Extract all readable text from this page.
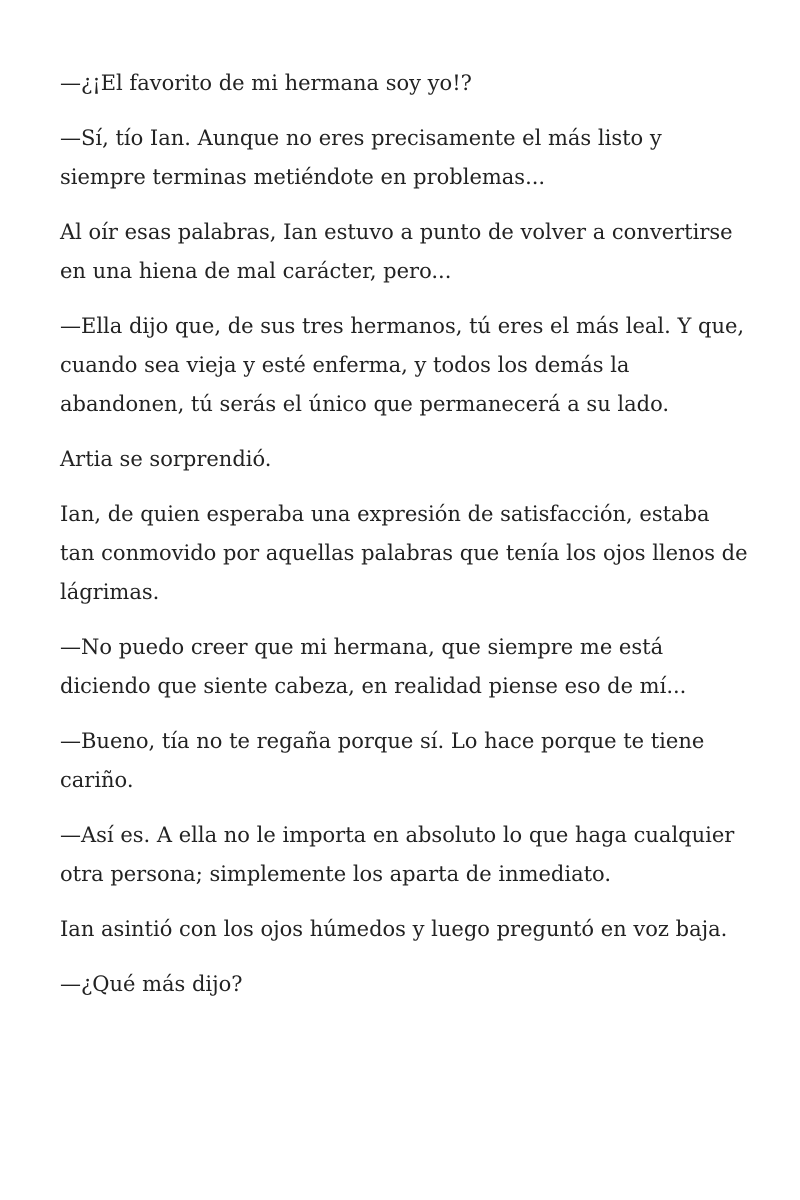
—¿¡El favorito de mi hermana soy yo!?

—Sí, tío Ian. Aunque no eres precisamente el más listo y siempre terminas metiéndote en problemas...

Al oír esas palabras, Ian estuvo a punto de volver a convertirse en una hiena de mal carácter, pero...

—Ella dijo que, de sus tres hermanos, tú eres el más leal. Y que, cuando sea vieja y esté enferma, y todos los demás la abandonen, tú serás el único que permanecerá a su lado.

Artia se sorprendió.

Ian, de quien esperaba una expresión de satisfacción, estaba tan conmovido por aquellas palabras que tenía los ojos llenos de lágrimas.

—No puedo creer que mi hermana, que siempre me está diciendo que siente cabeza, en realidad piense eso de mí...

—Bueno, tía no te regaña porque sí. Lo hace porque te tiene cariño.

—Así es. A ella no le importa en absoluto lo que haga cualquier otra persona; simplemente los aparta de inmediato.

Ian asintió con los ojos húmedos y luego preguntó en voz baja.

—¿Qué más dijo?
